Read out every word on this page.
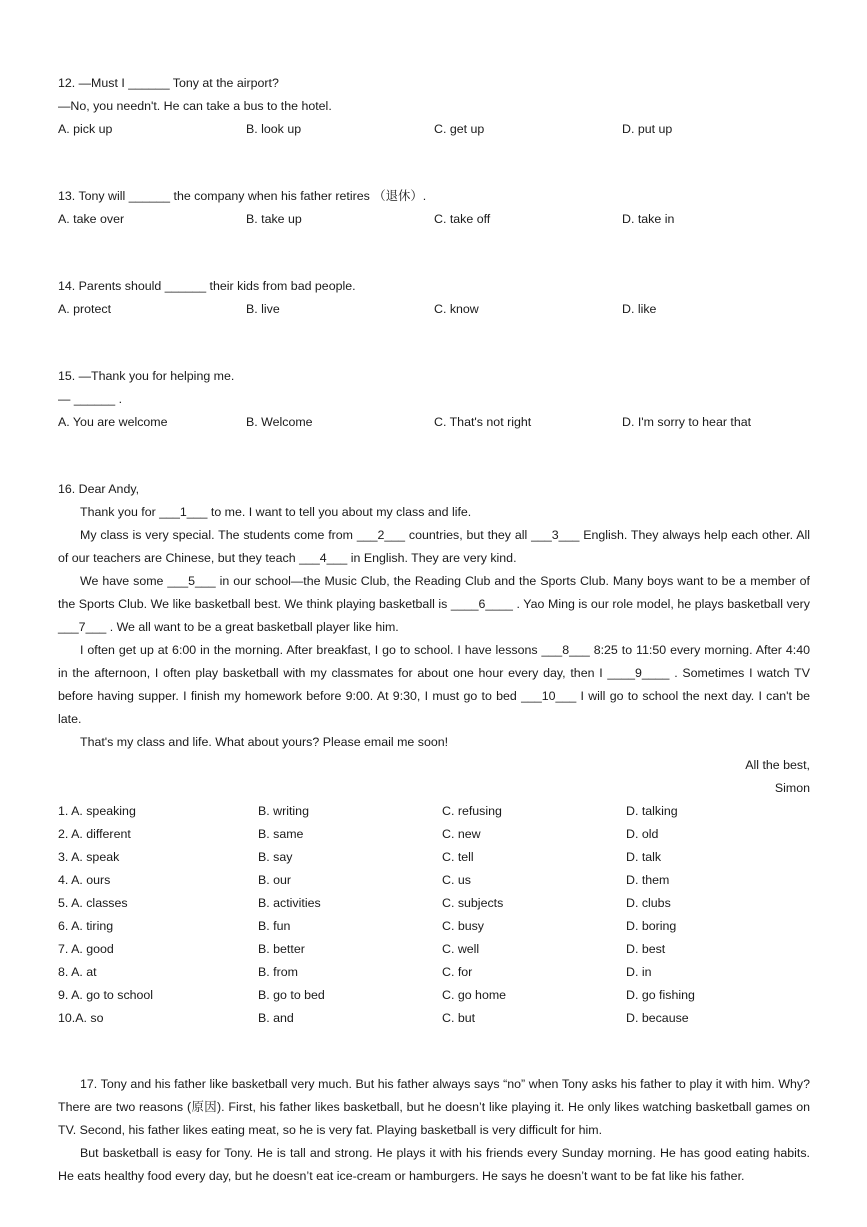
12. —Must I ______ Tony at the airport?
—No, you needn't. He can take a bus to the hotel.
A. pick up	B. look up	C. get up	D. put up
13. Tony will ______ the company when his father retires （退休）.
A. take over	B. take up	C. take off	D. take in
14. Parents should ______ their kids from bad people.
A. protect	B. live	C. know	D. like
15. —Thank you for helping me.
— ______ .
A. You are welcome	B. Welcome	C. That's not right	D. I'm sorry to hear that
16. Dear Andy,
Thank you for ___1___ to me. I want to tell you about my class and life.
My class is very special. The students come from ___2___ countries, but they all ___3___ English. They always help each other. All of our teachers are Chinese, but they teach ___4___ in English. They are very kind.
We have some ___5___ in our school—the Music Club, the Reading Club and the Sports Club. Many boys want to be a member of the Sports Club. We like basketball best. We think playing basketball is ____6____ . Yao Ming is our role model, he plays basketball very ___7___ . We all want to be a great basketball player like him.
I often get up at 6:00 in the morning. After breakfast, I go to school. I have lessons ___8___ 8:25 to 11:50 every morning. After 4:40 in the afternoon, I often play basketball with my classmates for about one hour every day, then I ____9____ . Sometimes I watch TV before having supper. I finish my homework before 9:00. At 9:30, I must go to bed ___10___ I will go to school the next day. I can't be late.
That's my class and life. What about yours? Please email me soon!
All the best,
Simon
1. A. speaking	B. writing	C. refusing	D. talking
2. A. different	B. same	C. new	D. old
3. A. speak	B. say	C. tell	D. talk
4. A. ours	B. our	C. us	D. them
5. A. classes	B. activities	C. subjects	D. clubs
6. A. tiring	B. fun	C. busy	D. boring
7. A. good	B. better	C. well	D. best
8. A. at	B. from	C. for	D. in
9. A. go to school	B. go to bed	C. go home	D. go fishing
10.A. so	B. and	C. but	D. because
17. Tony and his father like basketball very much. But his father always says “no” when Tony asks his father to play it with him. Why? There are two reasons (原因). First, his father likes basketball, but he doesn’t like playing it. He only likes watching basketball games on TV. Second, his father likes eating meat, so he is very fat. Playing basketball is very difficult for him.
But basketball is easy for Tony. He is tall and strong. He plays it with his friends every Sunday morning. He has good eating habits. He eats healthy food every day, but he doesn’t eat ice-cream or hamburgers. He says he doesn’t want to be fat like his father.
